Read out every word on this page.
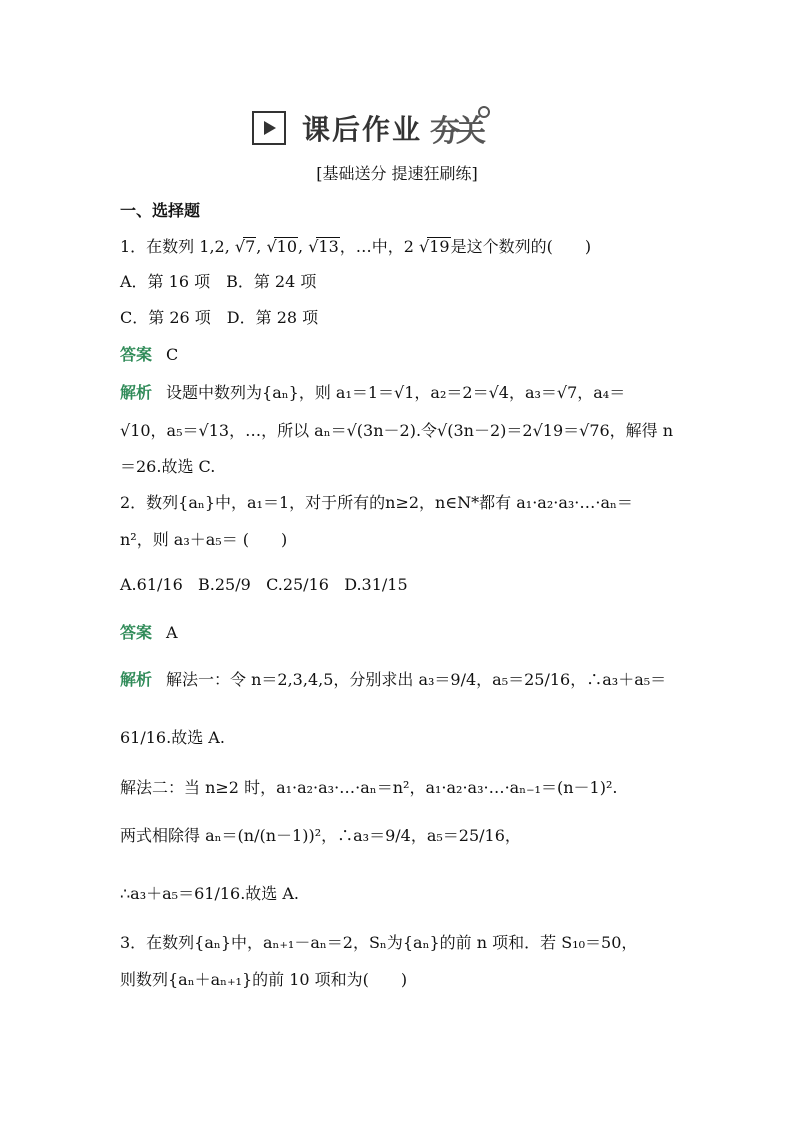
课后作业 夯关
[基础送分 提速狂刷练]
一、选择题
1．在数列 1,2, √ 7, √ 10, √ 13，…中，2 √ 19是这个数列的(　　)
A．第 16 项　B．第 24 项
C．第 26 项　D．第 28 项
答案 C
解析 设题中数列为{aₙ}，则 a₁＝1＝√1，a₂＝2＝√4，a₃＝√7，a₄＝
√10，a₅＝√13，…，所以 aₙ＝√(3n－2).令√(3n－2)＝2√19＝√76，解得 n
＝26.故选 C.
2．数列{aₙ}中，a₁＝1，对于所有的n≥2，n∈N*都有 a₁·a₂·a₃·…·aₙ＝
n²，则 a₃＋a₅＝ (　　)
A.61/16 B.25/9 C.25/16 D.31/15
答案 A
解析 解法一：令 n＝2,3,4,5，分别求出 a₃＝9/4，a₅＝25/16，∴a₃＋a₅＝
61/16.故选 A.
解法二：当 n≥2 时，a₁·a₂·a₃·…·aₙ＝n²，a₁·a₂·a₃·…·aₙ₋₁＝(n－1)².
两式相除得 aₙ＝(n/(n－1))²，∴a₃＝9/4，a₅＝25/16，
∴a₃＋a₅＝61/16.故选 A.
3．在数列{aₙ}中，aₙ₊₁－aₙ＝2，Sₙ为{aₙ}的前 n 项和．若 S₁₀＝50，
则数列{aₙ＋aₙ₊₁}的前 10 项和为(　　)
